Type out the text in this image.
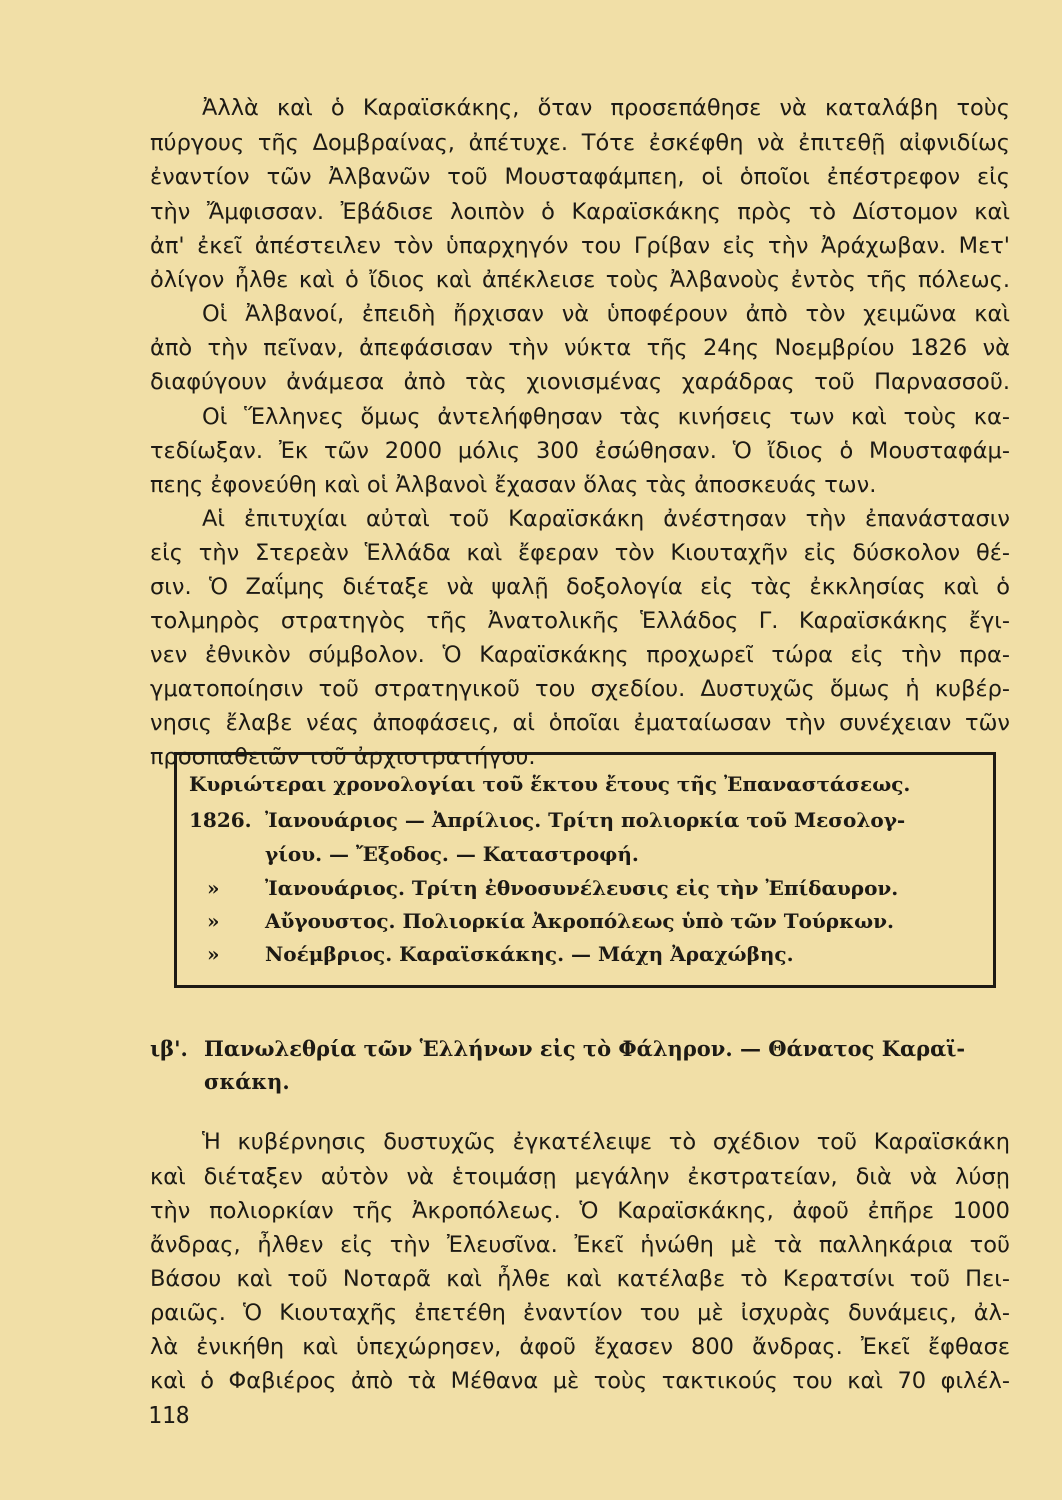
Ἀλλὰ καὶ ὁ Καραϊσκάκης, ὅταν προσεπάθησε νὰ καταλάβη τοὺς
πύργους τῆς Δομβραίνας, ἀπέτυχε. Τότε ἐσκέφθη νὰ ἐπιτεθῇ αἰφνιδίως
ἐναντίον τῶν Ἀλβανῶν τοῦ Μουσταφάμπεη, οἱ ὁποῖοι ἐπέστρεφον εἰς
τὴν Ἄμφισσαν. Ἐβάδισε λοιπὸν ὁ Καραϊσκάκης πρὸς τὸ Δίστομον καὶ
ἀπ' ἐκεῖ ἀπέστειλεν τὸν ὑπαρχηγόν του Γρίβαν εἰς τὴν Ἀράχωβαν. Μετ'
ὀλίγον ἦλθε καὶ ὁ ἴδιος καὶ ἀπέκλεισε τοὺς Ἀλβανοὺς ἐντὸς τῆς πόλεως.
Οἱ Ἀλβανοί, ἐπειδὴ ἤρχισαν νὰ ὑποφέρουν ἀπὸ τὸν χειμῶνα καὶ
ἀπὸ τὴν πεῖναν, ἀπεφάσισαν τὴν νύκτα τῆς 24ης Νοεμβρίου 1826 νὰ
διαφύγουν ἀνάμεσα ἀπὸ τὰς χιονισμένας χαράδρας τοῦ Παρνασσοῦ.
Οἱ Ἕλληνες ὅμως ἀντελήφθησαν τὰς κινήσεις των καὶ τοὺς κα-
τεδίωξαν. Ἐκ τῶν 2000 μόλις 300 ἐσώθησαν. Ὁ ἴδιος ὁ Μουσταφάμ-
πεης ἐφονεύθη καὶ οἱ Ἀλβανοὶ ἔχασαν ὅλας τὰς ἀποσκευάς των.
Αἱ ἐπιτυχίαι αὐταὶ τοῦ Καραϊσκάκη ἀνέστησαν τὴν ἐπανάστασιν
εἰς τὴν Στερεὰν Ἑλλάδα καὶ ἔφεραν τὸν Κιουταχῆν εἰς δύσκολον θέ-
σιν. Ὁ Ζαΐμης διέταξε νὰ ψαλῇ δοξολογία εἰς τὰς ἐκκλησίας καὶ ὁ
τολμηρὸς στρατηγὸς τῆς Ἀνατολικῆς Ἑλλάδος Γ. Καραϊσκάκης ἔγι-
νεν ἐθνικὸν σύμβολον. Ὁ Καραϊσκάκης προχωρεῖ τώρα εἰς τὴν πρα-
γματοποίησιν τοῦ στρατηγικοῦ του σχεδίου. Δυστυχῶς ὅμως ἡ κυβέρ-
νησις ἔλαβε νέας ἀποφάσεις, αἱ ὁποῖαι ἐματαίωσαν τὴν συνέχειαν τῶν
προσπαθειῶν τοῦ ἀρχιστρατήγου.
Κυριώτεραι χρονολογίαι τοῦ ἕκτου ἔτους τῆς Ἐπαναστάσεως.
1826. Ἰανουάριος — Ἀπρίλιος. Τρίτη πολιορκία τοῦ Μεσολογ-
γίου. — Ἔξοδος. — Καταστροφή.
» Ἰανουάριος. Τρίτη ἐθνοσυνέλευσις εἰς τὴν Ἐπίδαυρον.
» Αὔγουστος. Πολιορκία Ἀκροπόλεως ὑπὸ τῶν Τούρκων.
» Νοέμβριος. Καραϊσκάκης. — Μάχη Ἀραχώβης.
ιβ'. Πανωλεθρία τῶν Ἑλλήνων εἰς τὸ Φάληρον. — Θάνατος Καραϊ-
σκάκη.
Ἡ κυβέρνησις δυστυχῶς ἐγκατέλειψε τὸ σχέδιον τοῦ Καραϊσκάκη
καὶ διέταξεν αὐτὸν νὰ ἑτοιμάσῃ μεγάλην ἐκστρατείαν, διὰ νὰ λύσῃ
τὴν πολιορκίαν τῆς Ἀκροπόλεως. Ὁ Καραϊσκάκης, ἀφοῦ ἐπῆρε 1000
ἄνδρας, ἦλθεν εἰς τὴν Ἐλευσῖνα. Ἐκεῖ ἡνώθη μὲ τὰ παλληκάρια τοῦ
Βάσου καὶ τοῦ Νοταρᾶ καὶ ἦλθε καὶ κατέλαβε τὸ Κερατσίνι τοῦ Πει-
ραιῶς. Ὁ Κιουταχῆς ἐπετέθη ἐναντίον του μὲ ἰσχυρὰς δυνάμεις, ἀλ-
λὰ ἐνικήθη καὶ ὑπεχώρησεν, ἀφοῦ ἔχασεν 800 ἄνδρας. Ἐκεῖ ἔφθασε
καὶ ὁ Φαβιέρος ἀπὸ τὰ Μέθανα μὲ τοὺς τακτικούς του καὶ 70 φιλέλ-
118
